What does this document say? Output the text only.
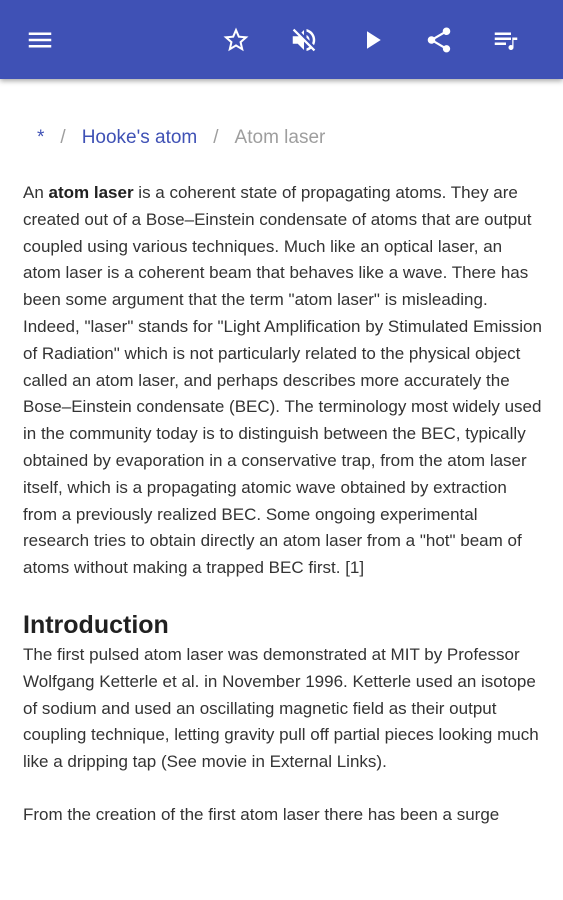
* / Hooke's atom / Atom laser

An atom laser is a coherent state of propagating atoms. They are created out of a Bose–Einstein condensate of atoms that are output coupled using various techniques. Much like an optical laser, an atom laser is a coherent beam that behaves like a wave. There has been some argument that the term "atom laser" is misleading. Indeed, "laser" stands for "Light Amplification by Stimulated Emission of Radiation" which is not particularly related to the physical object called an atom laser, and perhaps describes more accurately the Bose–Einstein condensate (BEC). The terminology most widely used in the community today is to distinguish between the BEC, typically obtained by evaporation in a conservative trap, from the atom laser itself, which is a propagating atomic wave obtained by extraction from a previously realized BEC. Some ongoing experimental research tries to obtain directly an atom laser from a "hot" beam of atoms without making a trapped BEC first. [1]

Introduction

The first pulsed atom laser was demonstrated at MIT by Professor Wolfgang Ketterle et al. in November 1996. Ketterle used an isotope of sodium and used an oscillating magnetic field as their output coupling technique, letting gravity pull off partial pieces looking much like a dripping tap (See movie in External Links).

From the creation of the first atom laser there has been a surge
